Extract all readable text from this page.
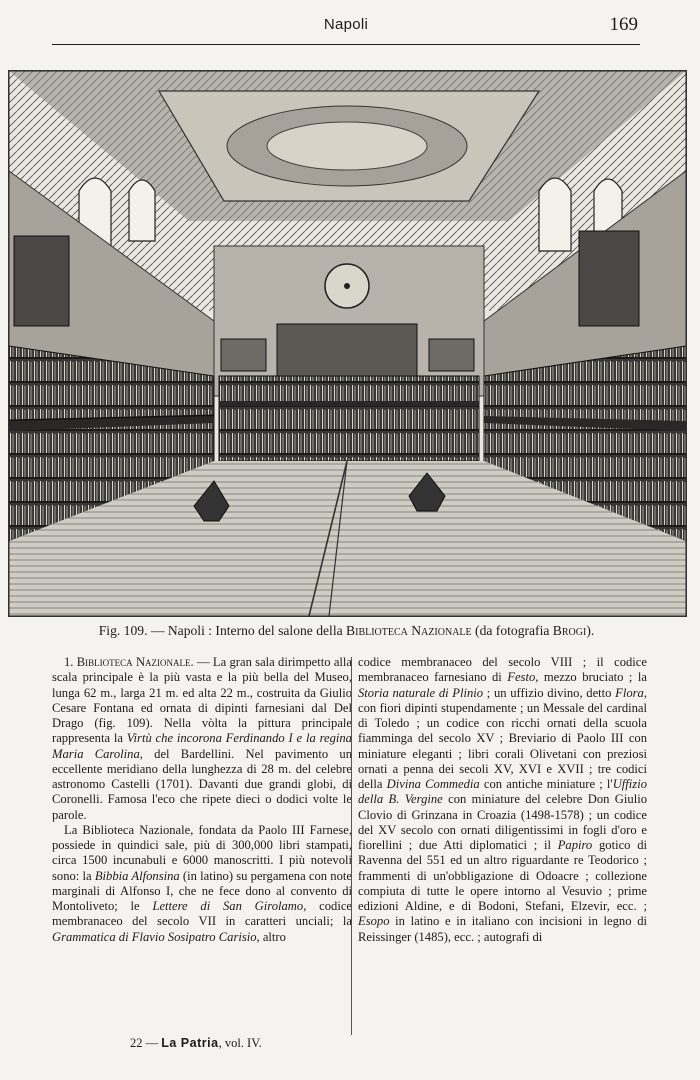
Napoli	169
Fig. 109. — Napoli : Interno del salone della Biblioteca Nazionale (da fotografia Brogi).

1. Biblioteca Nazionale. — La gran sala dirimpetto alla scala principale è la più vasta e la più bella del Museo, lunga 62 m., larga 21 m. ed alta 22 m., costruita da Giulio Cesare Fontana ed ornata di dipinti farnesiani dal Del Drago (fig. 109). Nella vòlta la pittura principale rappresenta la Virtù che incorona Ferdinando I e la regina Maria Carolina, del Bardellini. Nel pavimento un eccellente meridiano della lunghezza di 28 m. del celebre astronomo Castelli (1701). Davanti due grandi globi, di Coronelli. Famosa l'eco che ripete dieci o dodici volte le parole.

La Biblioteca Nazionale, fondata da Paolo III Farnese, possiede in quindici sale, più di 300,000 libri stampati, circa 1500 incunabuli e 6000 manoscritti. I più notevoli sono: la Bibbia Alfonsina (in latino) su pergamena con note marginali di Alfonso I, che ne fece dono al convento di Montoliveto; le Lettere di San Girolamo, codice membranaceo del secolo VII in caratteri unciali; la Grammatica di Flavio Sosipatro Carisio, altro

codice membranaceo del secolo VIII ; il codice membranaceo farnesiano di Festo, mezzo bruciato ; la Storia naturale di Plinio ; un uffizio divino, detto Flora, con fiori dipinti stupendamente ; un Messale del cardinal di Toledo ; un codice con ricchi ornati della scuola fiamminga del secolo XV ; Breviario di Paolo III con miniature eleganti ; libri corali Olivetani con preziosi ornati a penna dei secoli XV, XVI e XVII ; tre codici della Divina Commedia con antiche miniature ; l'Uffizio della B. Vergine con miniature del celebre Don Giulio Clovio di Grinzana in Croazia (1498-1578) ; un codice del XV secolo con ornati diligentissimi in fogli d'oro e fiorellini ; due Atti diplomatici ; il Papiro gotico di Ravenna del 551 ed un altro riguardante re Teodorico ; frammenti di un'obbligazione di Odoacre ; collezione compiuta di tutte le opere intorno al Vesuvio ; prime edizioni Aldine, e di Bodoni, Stefani, Elzevir, ecc. ; Esopo in latino e in italiano con incisioni in legno di Reissinger (1485), ecc. ; autografi di

22 — La Patria, vol. IV.
